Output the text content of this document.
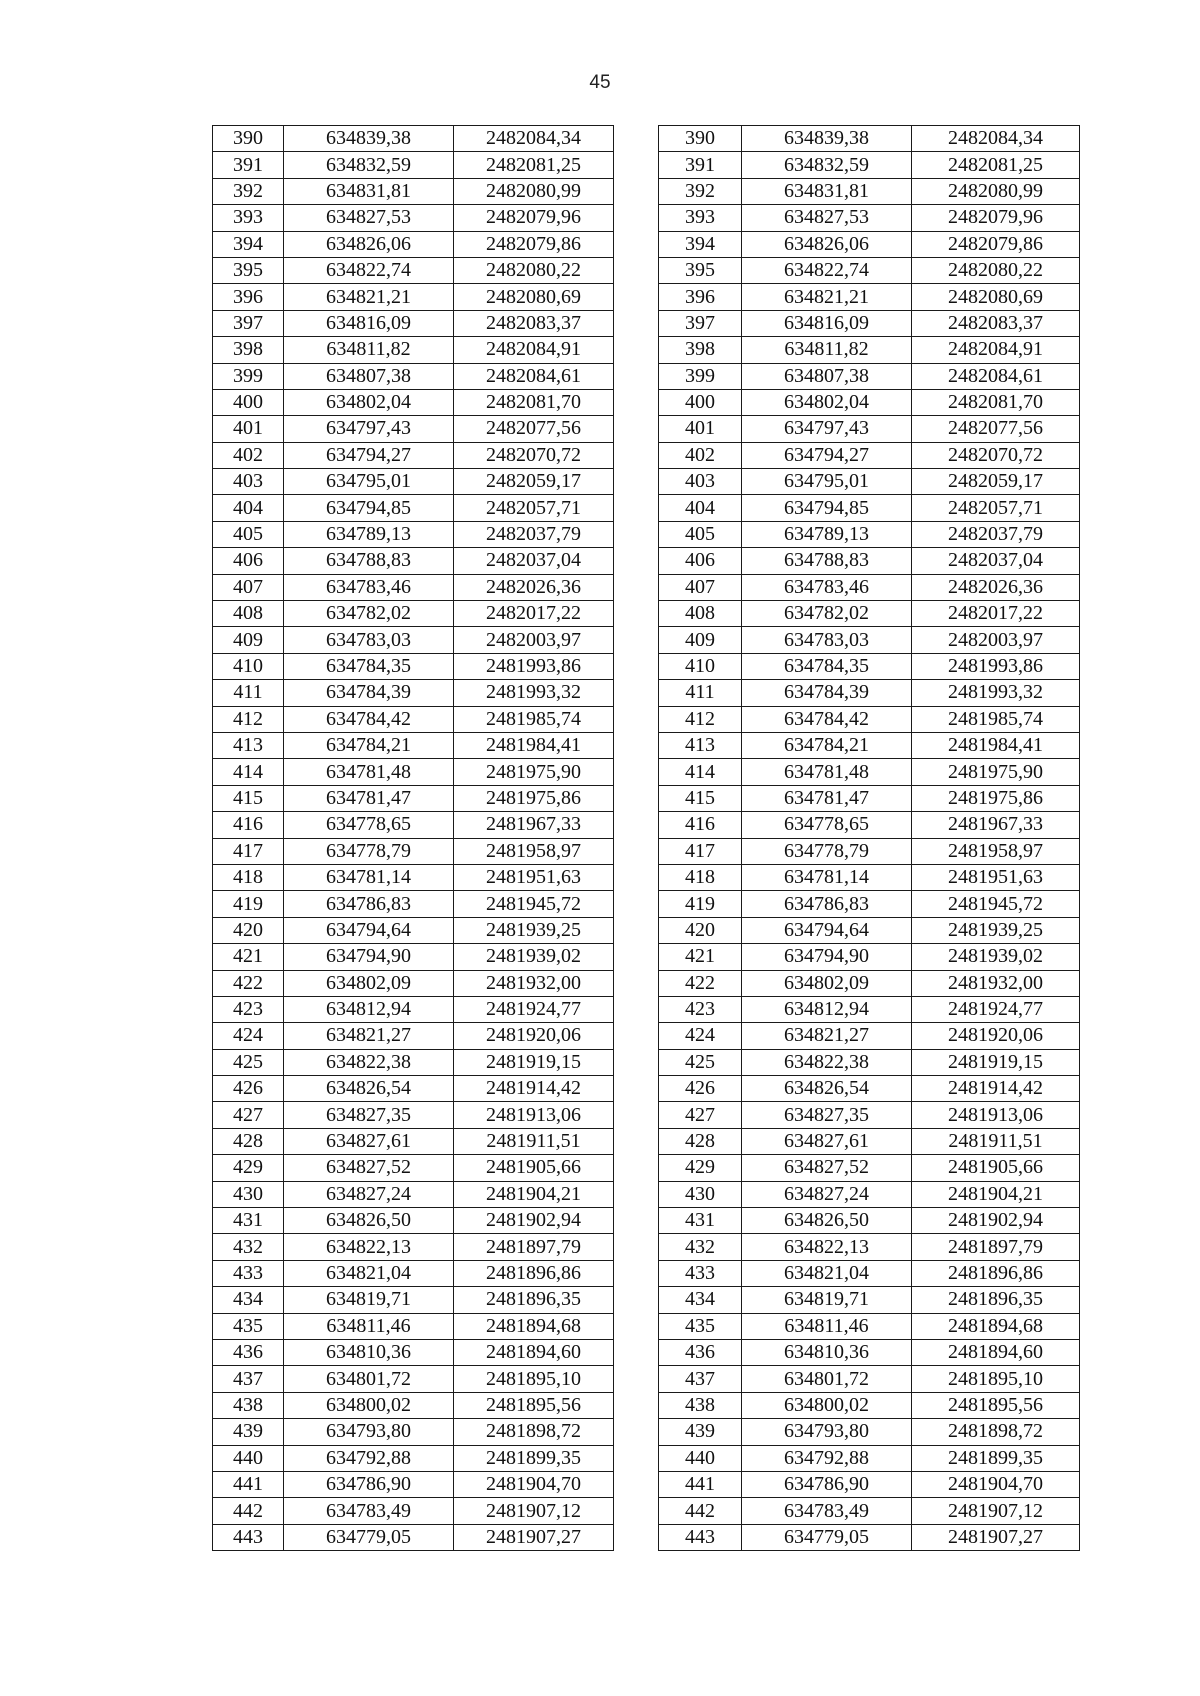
45
390	634839,38	2482084,34		390	634839,38	2482084,34
391	634832,59	2482081,25		391	634832,59	2482081,25
392	634831,81	2482080,99		392	634831,81	2482080,99
393	634827,53	2482079,96		393	634827,53	2482079,96
394	634826,06	2482079,86		394	634826,06	2482079,86
395	634822,74	2482080,22		395	634822,74	2482080,22
396	634821,21	2482080,69		396	634821,21	2482080,69
397	634816,09	2482083,37		397	634816,09	2482083,37
398	634811,82	2482084,91		398	634811,82	2482084,91
399	634807,38	2482084,61		399	634807,38	2482084,61
400	634802,04	2482081,70		400	634802,04	2482081,70
401	634797,43	2482077,56		401	634797,43	2482077,56
402	634794,27	2482070,72		402	634794,27	2482070,72
403	634795,01	2482059,17		403	634795,01	2482059,17
404	634794,85	2482057,71		404	634794,85	2482057,71
405	634789,13	2482037,79		405	634789,13	2482037,79
406	634788,83	2482037,04		406	634788,83	2482037,04
407	634783,46	2482026,36		407	634783,46	2482026,36
408	634782,02	2482017,22		408	634782,02	2482017,22
409	634783,03	2482003,97		409	634783,03	2482003,97
410	634784,35	2481993,86		410	634784,35	2481993,86
411	634784,39	2481993,32		411	634784,39	2481993,32
412	634784,42	2481985,74		412	634784,42	2481985,74
413	634784,21	2481984,41		413	634784,21	2481984,41
414	634781,48	2481975,90		414	634781,48	2481975,90
415	634781,47	2481975,86		415	634781,47	2481975,86
416	634778,65	2481967,33		416	634778,65	2481967,33
417	634778,79	2481958,97		417	634778,79	2481958,97
418	634781,14	2481951,63		418	634781,14	2481951,63
419	634786,83	2481945,72		419	634786,83	2481945,72
420	634794,64	2481939,25		420	634794,64	2481939,25
421	634794,90	2481939,02		421	634794,90	2481939,02
422	634802,09	2481932,00		422	634802,09	2481932,00
423	634812,94	2481924,77		423	634812,94	2481924,77
424	634821,27	2481920,06		424	634821,27	2481920,06
425	634822,38	2481919,15		425	634822,38	2481919,15
426	634826,54	2481914,42		426	634826,54	2481914,42
427	634827,35	2481913,06		427	634827,35	2481913,06
428	634827,61	2481911,51		428	634827,61	2481911,51
429	634827,52	2481905,66		429	634827,52	2481905,66
430	634827,24	2481904,21		430	634827,24	2481904,21
431	634826,50	2481902,94		431	634826,50	2481902,94
432	634822,13	2481897,79		432	634822,13	2481897,79
433	634821,04	2481896,86		433	634821,04	2481896,86
434	634819,71	2481896,35		434	634819,71	2481896,35
435	634811,46	2481894,68		435	634811,46	2481894,68
436	634810,36	2481894,60		436	634810,36	2481894,60
437	634801,72	2481895,10		437	634801,72	2481895,10
438	634800,02	2481895,56		438	634800,02	2481895,56
439	634793,80	2481898,72		439	634793,80	2481898,72
440	634792,88	2481899,35		440	634792,88	2481899,35
441	634786,90	2481904,70		441	634786,90	2481904,70
442	634783,49	2481907,12		442	634783,49	2481907,12
443	634779,05	2481907,27		443	634779,05	2481907,27
